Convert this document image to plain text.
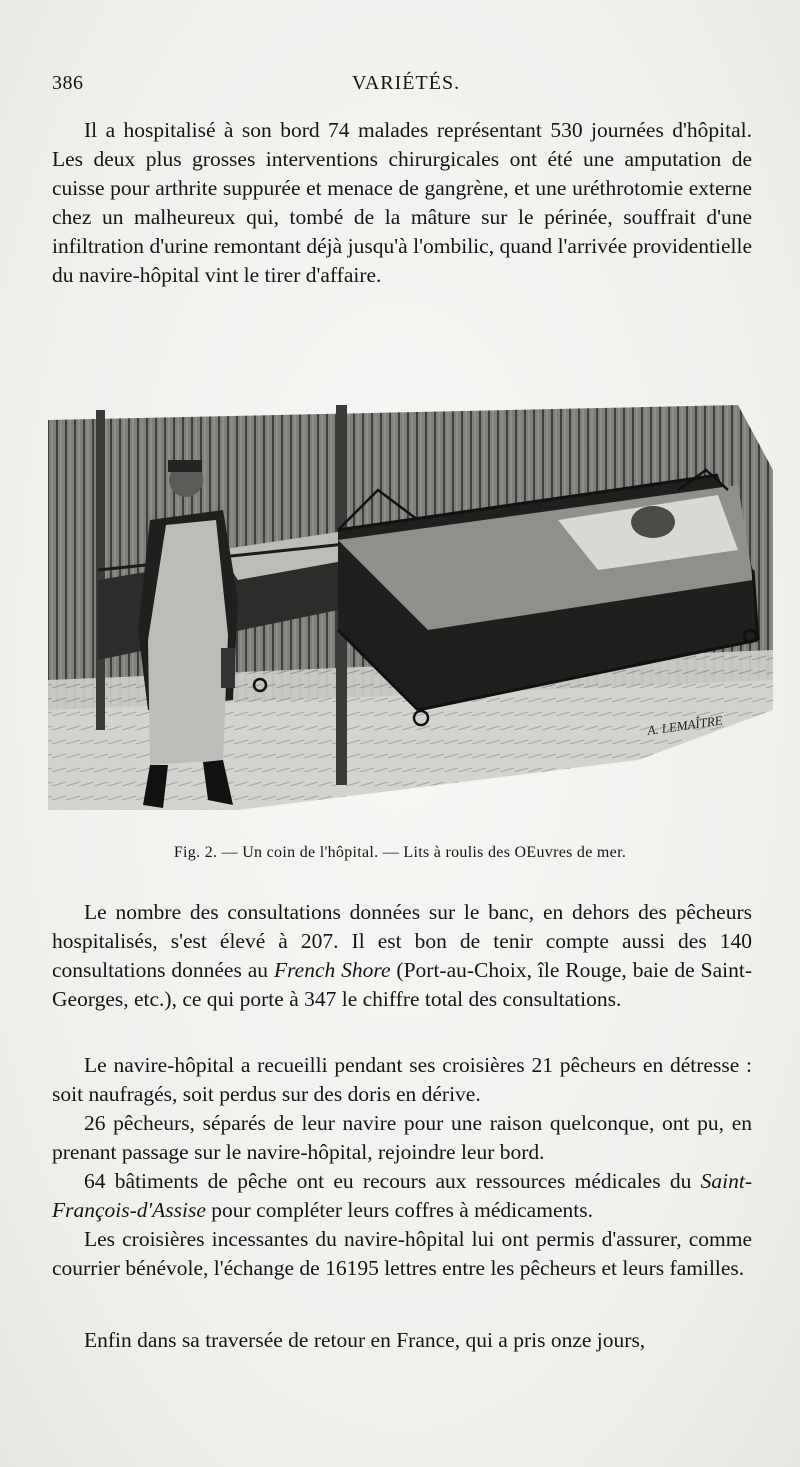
386	VARIÉTÉS.

Il a hospitalisé à son bord 74 malades représentant 530 journées d'hôpital. Les deux plus grosses interventions chirurgicales ont été une amputation de cuisse pour arthrite suppurée et menace de gangrène, et une uréthrotomie externe chez un malheureux qui, tombé de la mâture sur le périnée, souffrait d'une infiltration d'urine remontant déjà jusqu'à l'ombilic, quand l'arrivée providentielle du navire-hôpital vint le tirer d'affaire.

A. LEMAÎTRE
Fig. 2. — Un coin de l'hôpital. — Lits à roulis des OEuvres de mer.

Le nombre des consultations données sur le banc, en dehors des pêcheurs hospitalisés, s'est élevé à 207. Il est bon de tenir compte aussi des 140 consultations données au French Shore (Port-au-Choix, île Rouge, baie de Saint-Georges, etc.), ce qui porte à 347 le chiffre total des consultations.

Le navire-hôpital a recueilli pendant ses croisières 21 pêcheurs en détresse : soit naufragés, soit perdus sur des doris en dérive.

26 pêcheurs, séparés de leur navire pour une raison quelconque, ont pu, en prenant passage sur le navire-hôpital, rejoindre leur bord.

64 bâtiments de pêche ont eu recours aux ressources médicales du Saint-François-d'Assise pour compléter leurs coffres à médicaments.

Les croisières incessantes du navire-hôpital lui ont permis d'assurer, comme courrier bénévole, l'échange de 16195 lettres entre les pêcheurs et leurs familles.

Enfin dans sa traversée de retour en France, qui a pris onze jours,
